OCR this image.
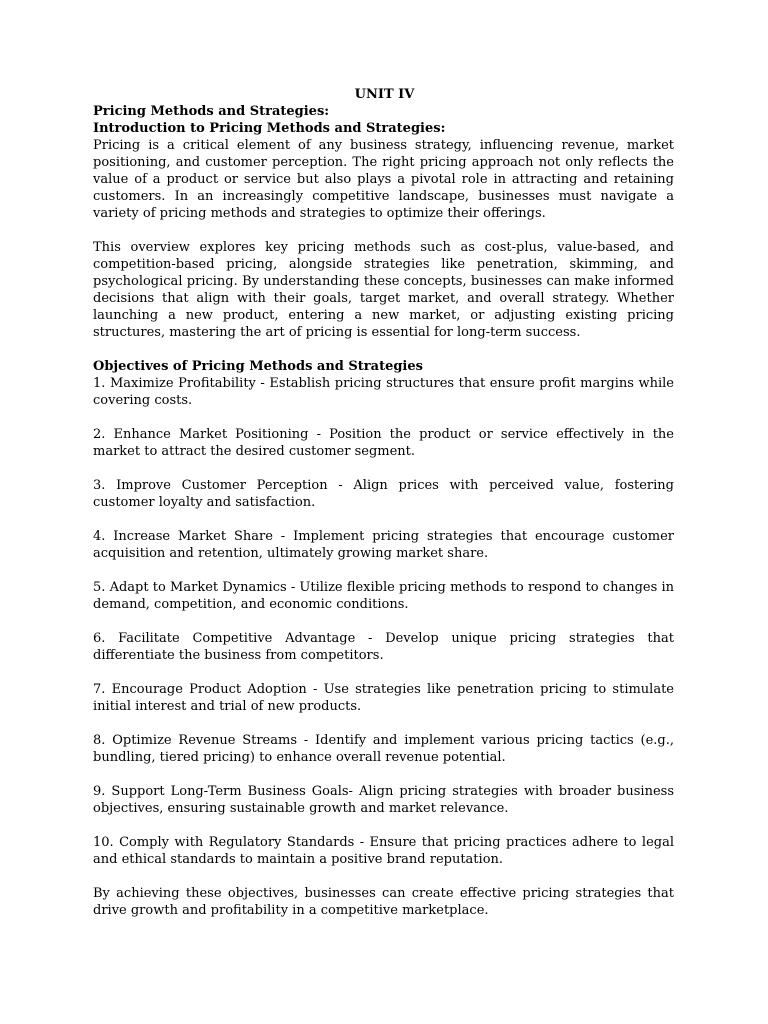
UNIT IV

Pricing Methods and Strategies:

Introduction to Pricing Methods and Strategies:

Pricing is a critical element of any business strategy, influencing revenue, market positioning, and customer perception. The right pricing approach not only reflects the value of a product or service but also plays a pivotal role in attracting and retaining customers. In an increasingly competitive landscape, businesses must navigate a variety of pricing methods and strategies to optimize their offerings.

This overview explores key pricing methods such as cost-plus, value-based, and competition-based pricing, alongside strategies like penetration, skimming, and psychological pricing. By understanding these concepts, businesses can make informed decisions that align with their goals, target market, and overall strategy. Whether launching a new product, entering a new market, or adjusting existing pricing structures, mastering the art of pricing is essential for long-term success.

Objectives of Pricing Methods and Strategies

1. Maximize Profitability - Establish pricing structures that ensure profit margins while covering costs.
2. Enhance Market Positioning - Position the product or service effectively in the market to attract the desired customer segment.
3. Improve Customer Perception - Align prices with perceived value, fostering customer loyalty and satisfaction.
4. Increase Market Share - Implement pricing strategies that encourage customer acquisition and retention, ultimately growing market share.
5. Adapt to Market Dynamics - Utilize flexible pricing methods to respond to changes in demand, competition, and economic conditions.
6. Facilitate Competitive Advantage - Develop unique pricing strategies that differentiate the business from competitors.
7. Encourage Product Adoption - Use strategies like penetration pricing to stimulate initial interest and trial of new products.
8. Optimize Revenue Streams - Identify and implement various pricing tactics (e.g., bundling, tiered pricing) to enhance overall revenue potential.
9. Support Long-Term Business Goals- Align pricing strategies with broader business objectives, ensuring sustainable growth and market relevance.
10. Comply with Regulatory Standards - Ensure that pricing practices adhere to legal and ethical standards to maintain a positive brand reputation.

By achieving these objectives, businesses can create effective pricing strategies that drive growth and profitability in a competitive marketplace.
